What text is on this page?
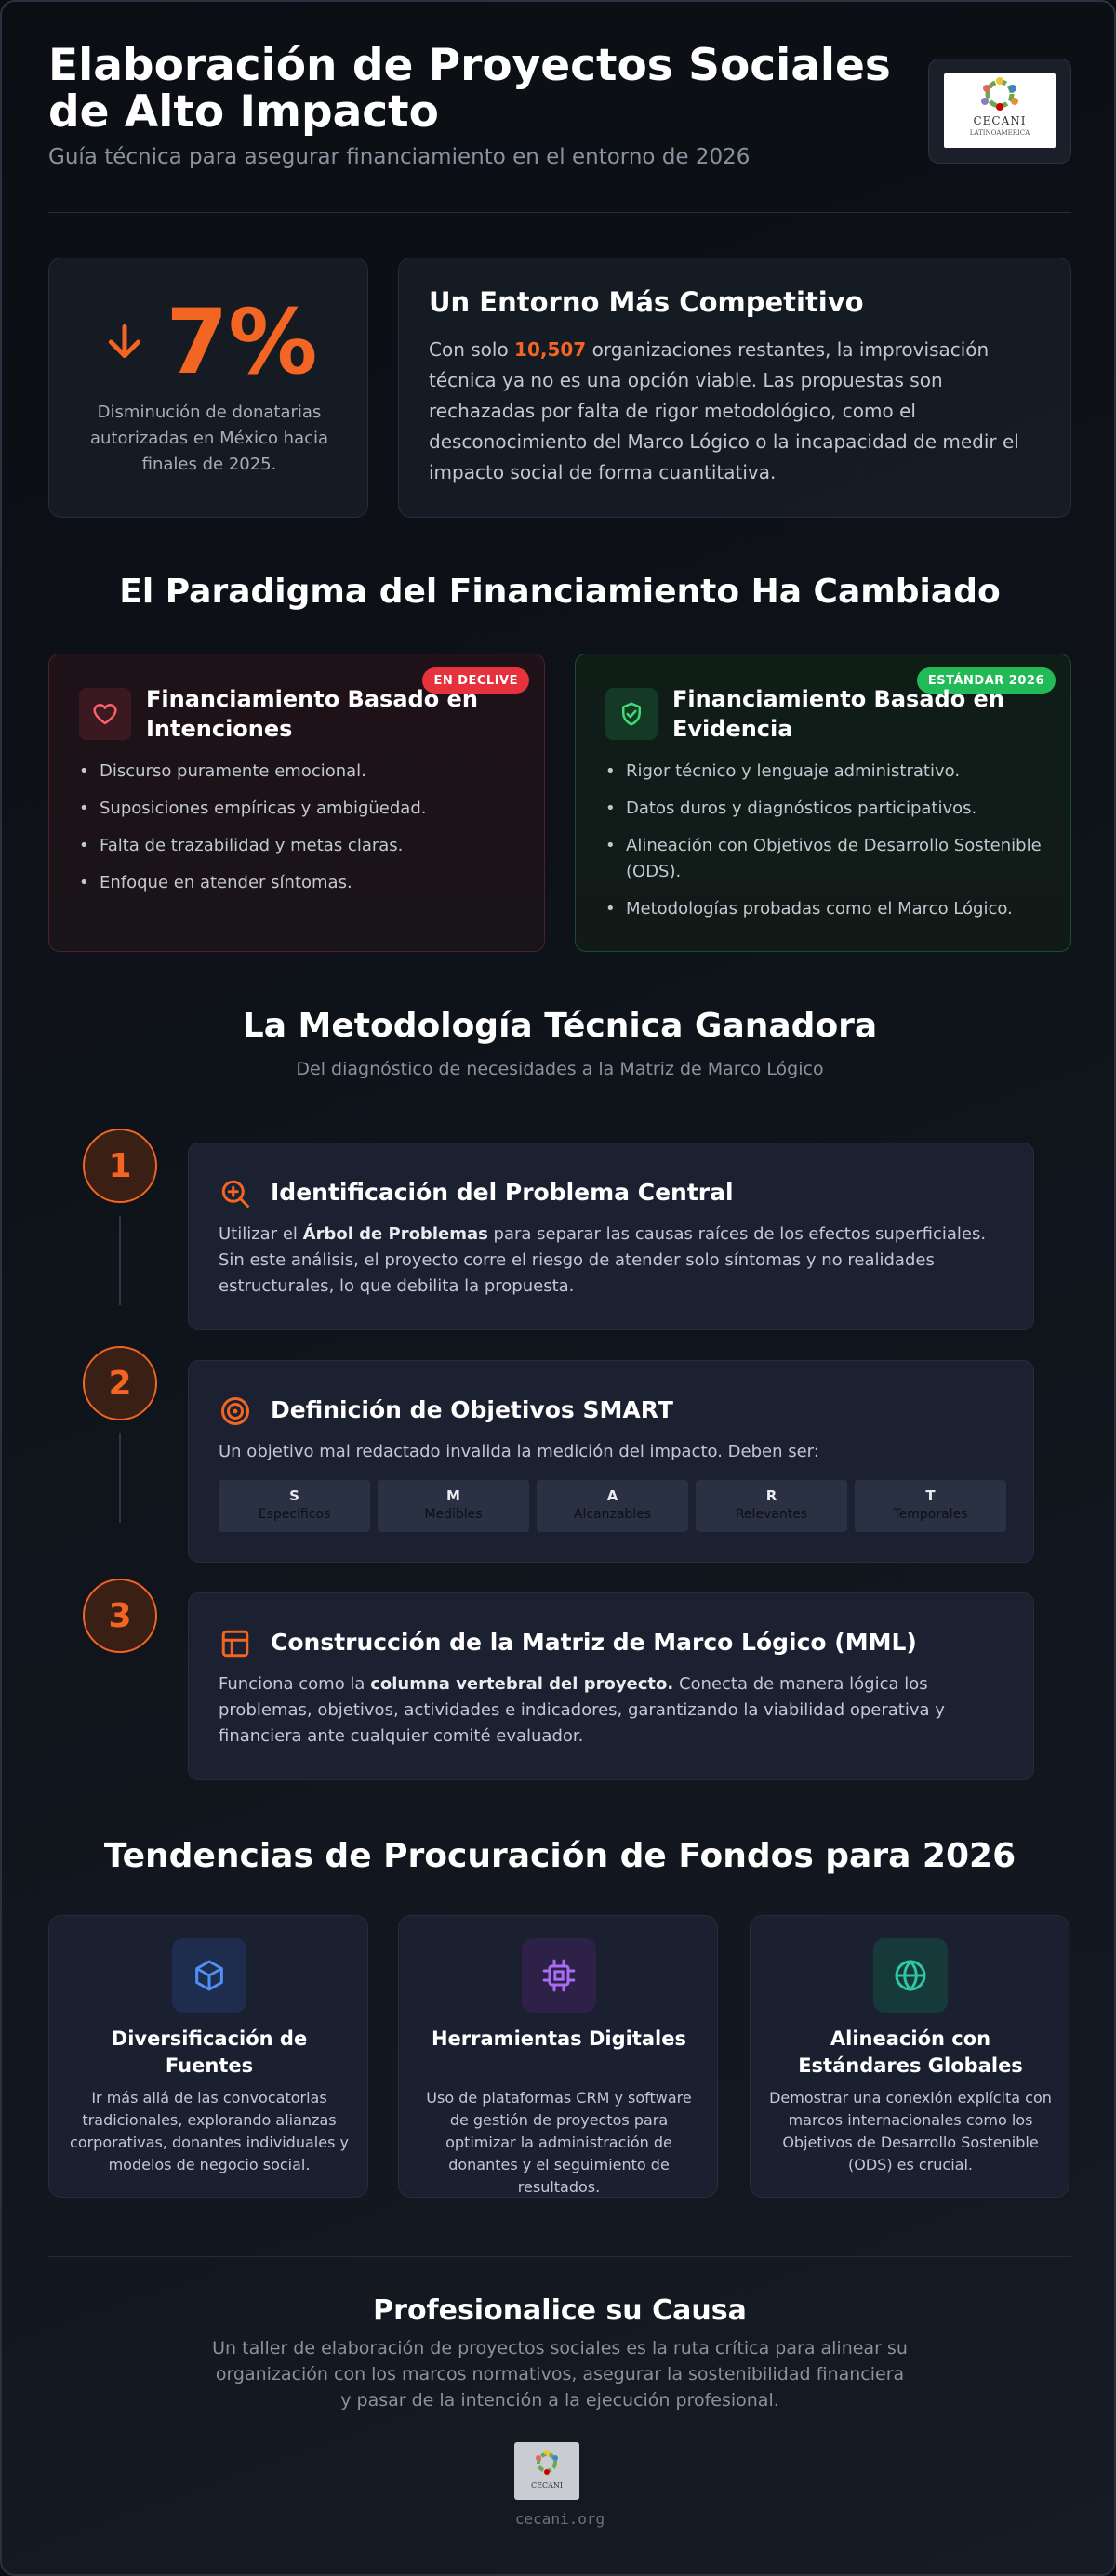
Elaboración de Proyectos Sociales de Alto Impacto
Guía técnica para asegurar financiamiento en el entorno de 2026
CECANI
LATINOAMERICA
7%
Disminución de donatarias autorizadas en México hacia finales de 2025.
Un Entorno Más Competitivo
Con solo 10,507 organizaciones restantes, la improvisación técnica ya no es una opción viable. Las propuestas son rechazadas por falta de rigor metodológico, como el desconocimiento del Marco Lógico o la incapacidad de medir el impacto social de forma cuantitativa.
El Paradigma del Financiamiento Ha Cambiado
EN DECLIVE
Financiamiento Basado en Intenciones
• Discurso puramente emocional.
• Suposiciones empíricas y ambigüedad.
• Falta de trazabilidad y metas claras.
• Enfoque en atender síntomas.
ESTÁNDAR 2026
Financiamiento Basado en Evidencia
• Rigor técnico y lenguaje administrativo.
• Datos duros y diagnósticos participativos.
• Alineación con Objetivos de Desarrollo Sostenible (ODS).
• Metodologías probadas como el Marco Lógico.
La Metodología Técnica Ganadora
Del diagnóstico de necesidades a la Matriz de Marco Lógico
1
Identificación del Problema Central
Utilizar el Árbol de Problemas para separar las causas raíces de los efectos superficiales. Sin este análisis, el proyecto corre el riesgo de atender solo síntomas y no realidades estructurales, lo que debilita la propuesta.
2
Definición de Objetivos SMART
Un objetivo mal redactado invalida la medición del impacto. Deben ser:
S
Específicos
M
Medibles
A
Alcanzables
R
Relevantes
T
Temporales
3
Construcción de la Matriz de Marco Lógico (MML)
Funciona como la columna vertebral del proyecto. Conecta de manera lógica los problemas, objetivos, actividades e indicadores, garantizando la viabilidad operativa y financiera ante cualquier comité evaluador.
Tendencias de Procuración de Fondos para 2026
Diversificación de Fuentes
Ir más allá de las convocatorias tradicionales, explorando alianzas corporativas, donantes individuales y modelos de negocio social.
Herramientas Digitales
Uso de plataformas CRM y software de gestión de proyectos para optimizar la administración de donantes y el seguimiento de resultados.
Alineación con Estándares Globales
Demostrar una conexión explícita con marcos internacionales como los Objetivos de Desarrollo Sostenible (ODS) es crucial.
Profesionalice su Causa
Un taller de elaboración de proyectos sociales es la ruta crítica para alinear su organización con los marcos normativos, asegurar la sostenibilidad financiera y pasar de la intención a la ejecución profesional.
CECANI
cecani.org
